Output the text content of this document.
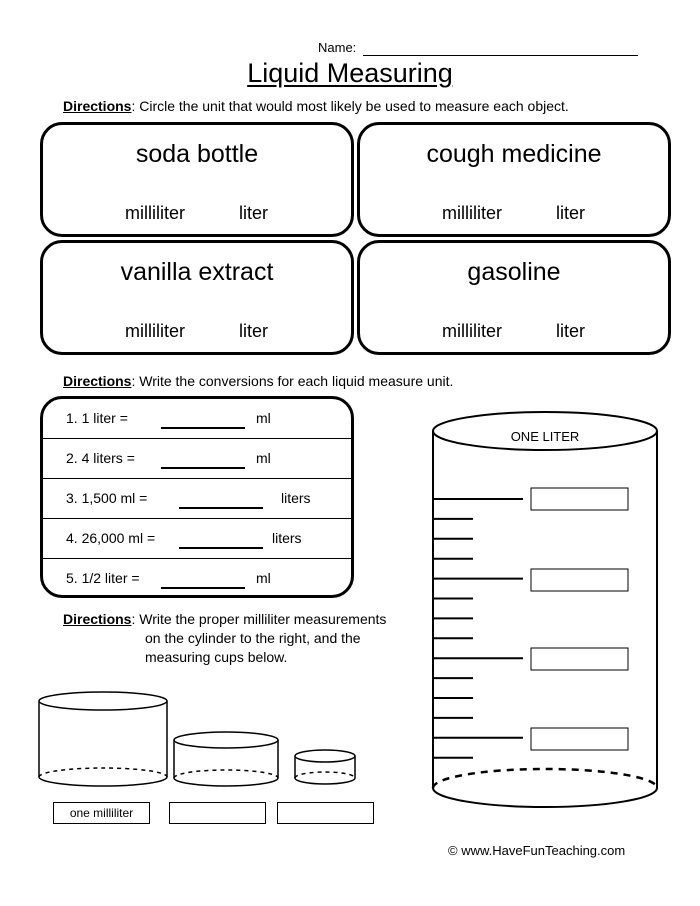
Name:
Liquid Measuring
Directions: Circle the unit that would most likely be used to measure each object.
soda bottle
milliliter	liter
cough medicine
milliliter	liter
vanilla extract
milliliter	liter
gasoline
milliliter	liter
Directions: Write the conversions for each liquid measure unit.
1. 1 liter =	ml
2. 4 liters =	ml
3. 1,500 ml =	liters
4. 26,000 ml =	liters
5. 1/2 liter =	ml
Directions: Write the proper milliliter measurements
on the cylinder to the right, and the
measuring cups below.
ONE LITER
one milliliter
© www.HaveFunTeaching.com
